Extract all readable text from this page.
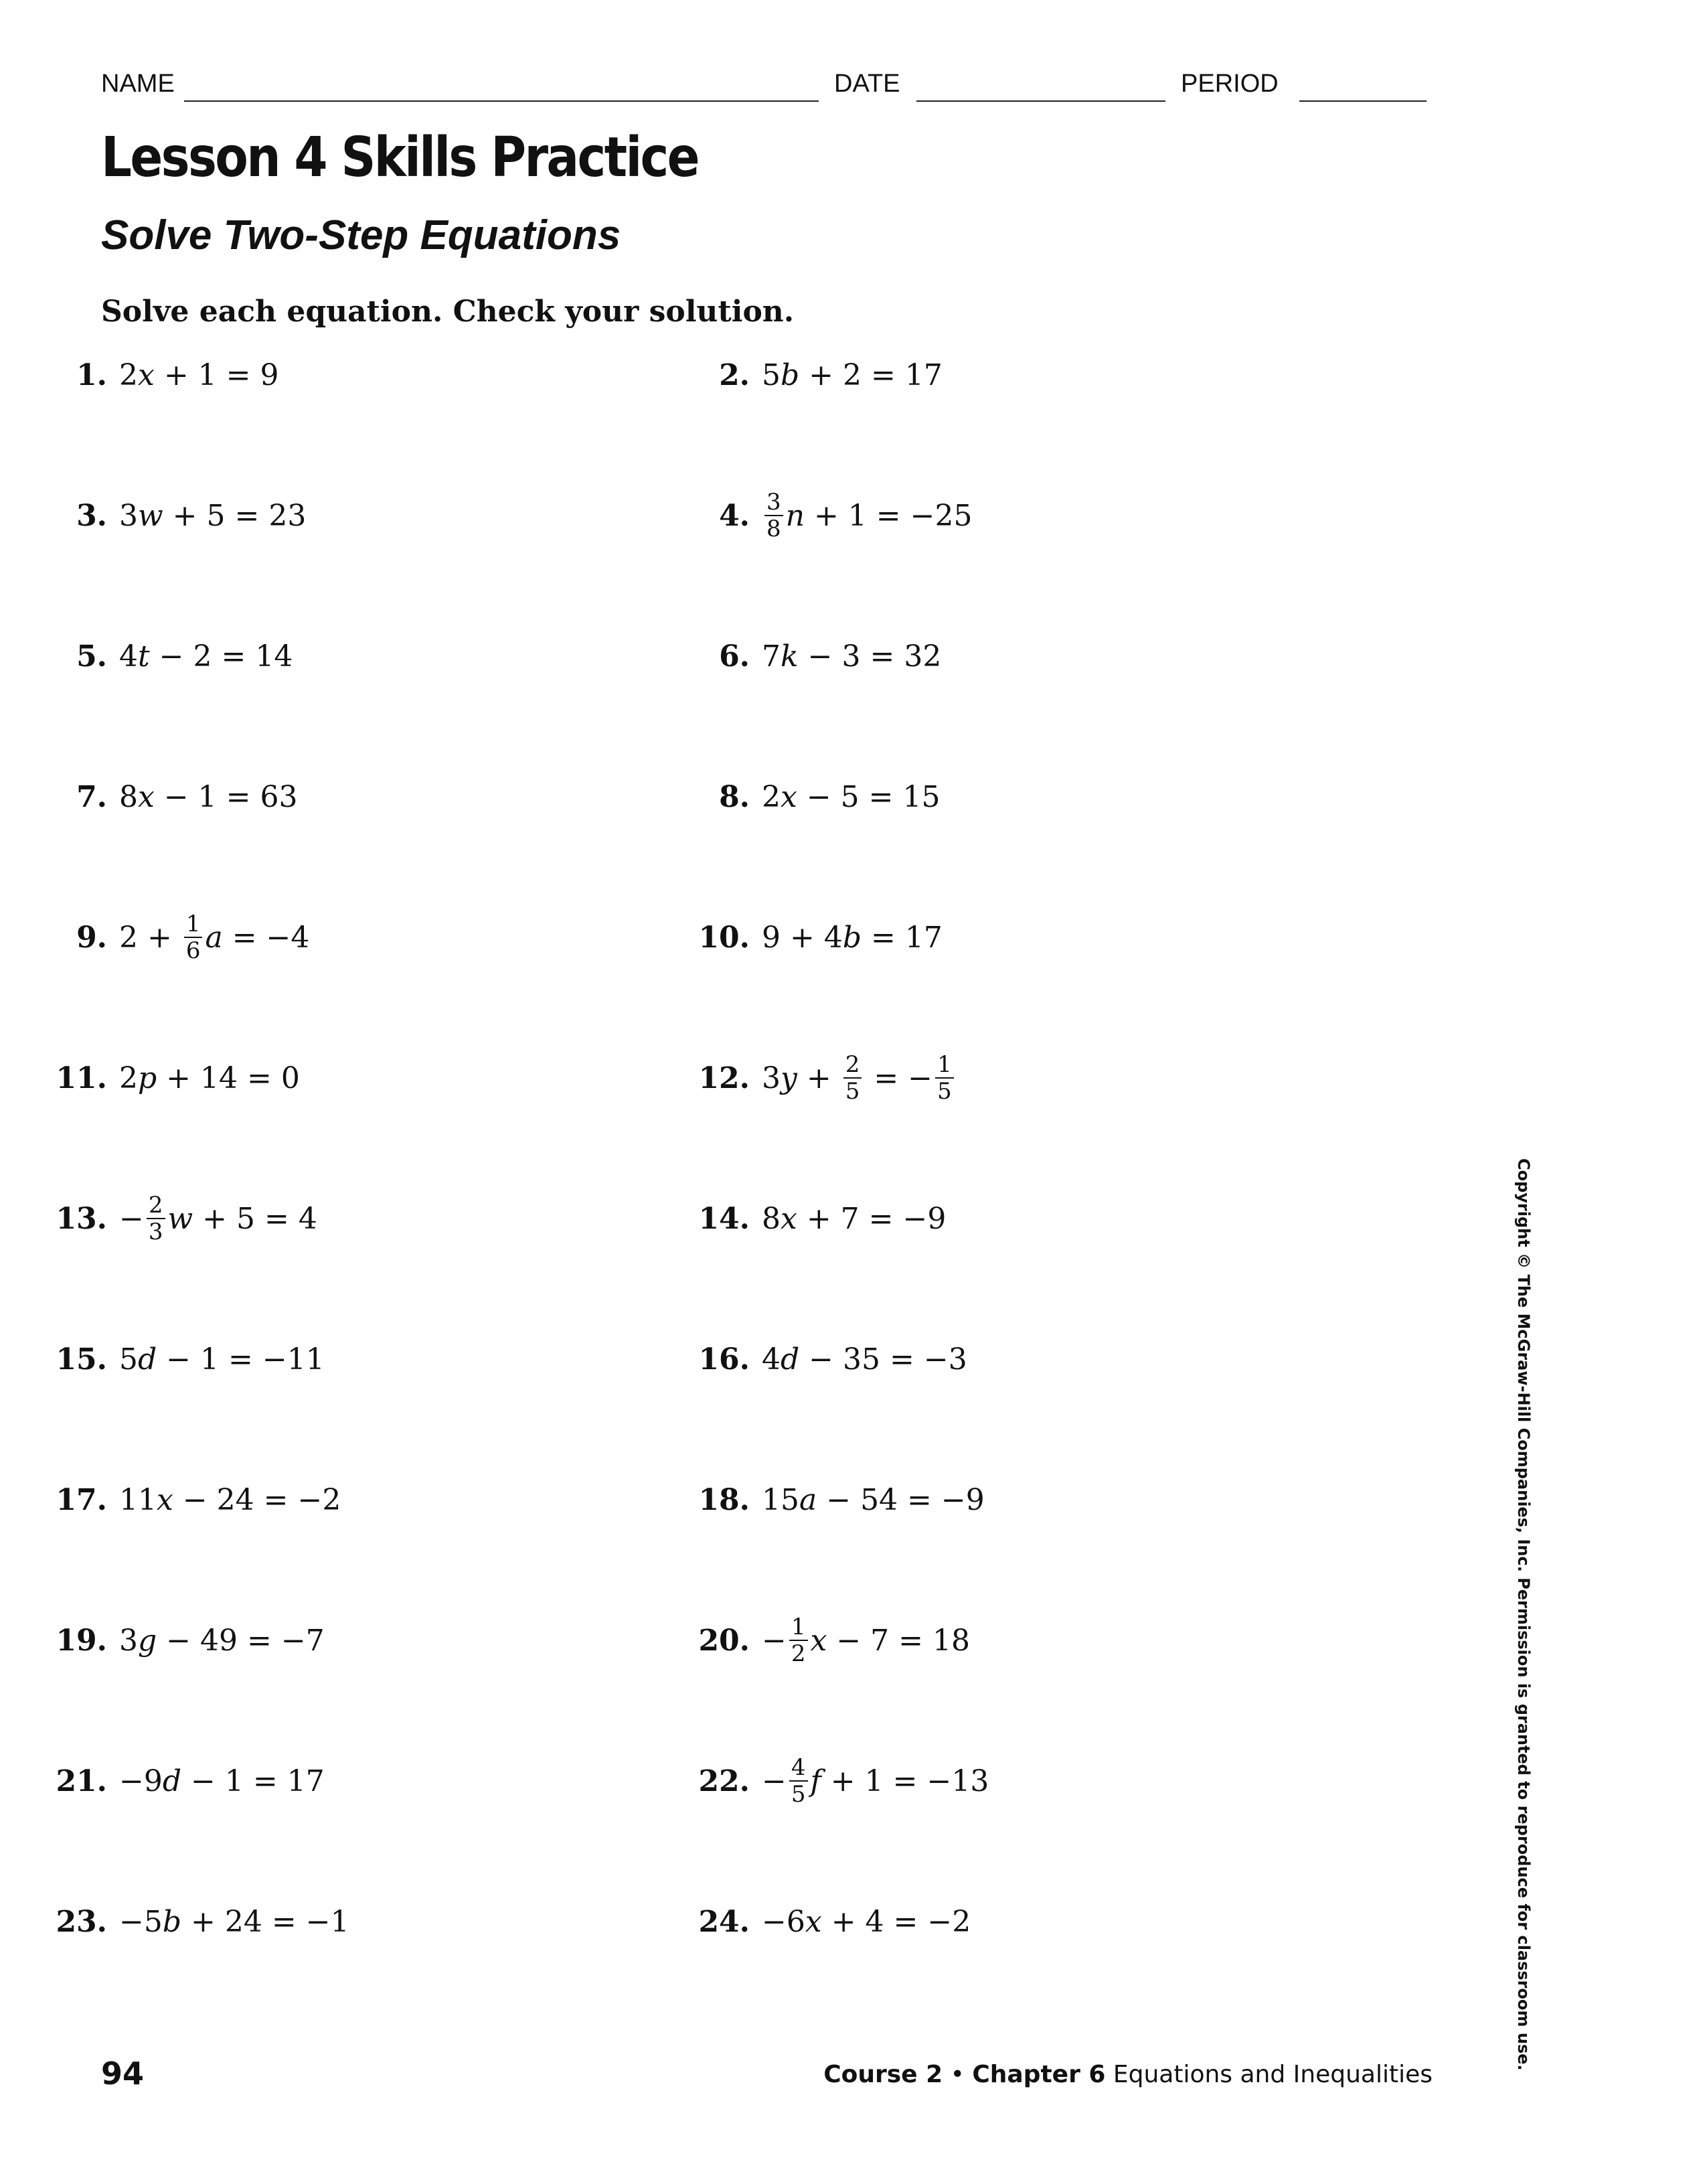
NAME	DATE	PERIOD
Lesson 4 Skills Practice
Solve Two-Step Equations
Solve each equation. Check your solution.
1. 2 x + 1 = 9	2. 5 b + 2 = 17
3. 3 w + 5 = 23	4. $\frac{3}{8}$ n + 1 = −25
5. 4 t − 2 = 14	6. 7 k − 3 = 32
7. 8 x − 1 = 63	8. 2 x − 5 = 15
9. $2 + \frac{1}{6}$ a = −4	10. 9 + 4 b = 17
11. 2 p + 14 = 0	12. 3 $y + \frac{2}{5}$ = − $\frac{1}{5}$
13. − $\frac{2}{3}$ w + 5 = 4	14. 8 x + 7 = −9
15. 5 d − 1 = −11	16. 4 d − 35 = −3
17. 11 x − 24 = −2	18. 15 a − 54 = −9
19. 3 g − 49 = −7	20. − $\frac{1}{2}$ x − 7 = 18
21. −9 d − 1 = 17	22. − $\frac{4}{5}$ f + 1 = −13
23. −5 b + 24 = −1	24. −6 x + 4 = −2	Copyright © The McGraw-Hill Companies, Inc. Permission is granted to reproduce for classroom use.
94	Course 2 • Chapter 6 Equations and Inequalities
